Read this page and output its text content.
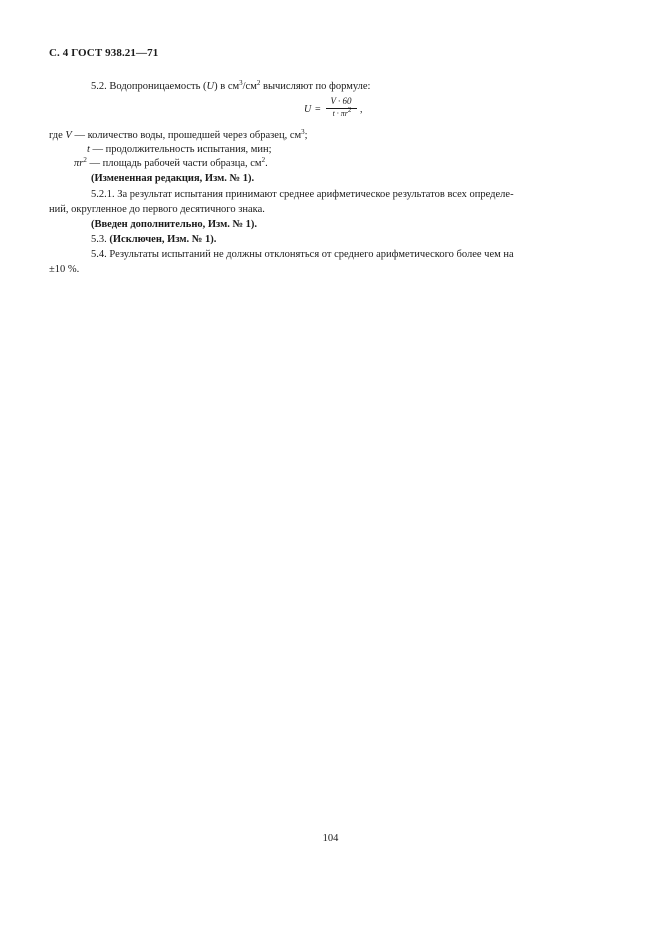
С. 4 ГОСТ 938.21—71
5.2. Водопроницаемость (U) в $см^3/см^2$ вычисляют по формуле:
U =
V · 60
$t \cdot \pi r^2$ ,
где V — количество воды, прошедшей через образец, $см^3$;
t — продолжительность испытания, мин;
$\pi r^2$ — площадь рабочей части образца, $см^2$.
(Измененная редакция, Изм. № 1).
5.2.1. За результат испытания принимают среднее арифметическое результатов всех определе-
ний, округленное до первого десятичного знака.
(Введен дополнительно, Изм. № 1).
5.3. (Исключен, Изм. № 1).
5.4. Результаты испытаний не должны отклоняться от среднего арифметического более чем на
±10 %.
104
